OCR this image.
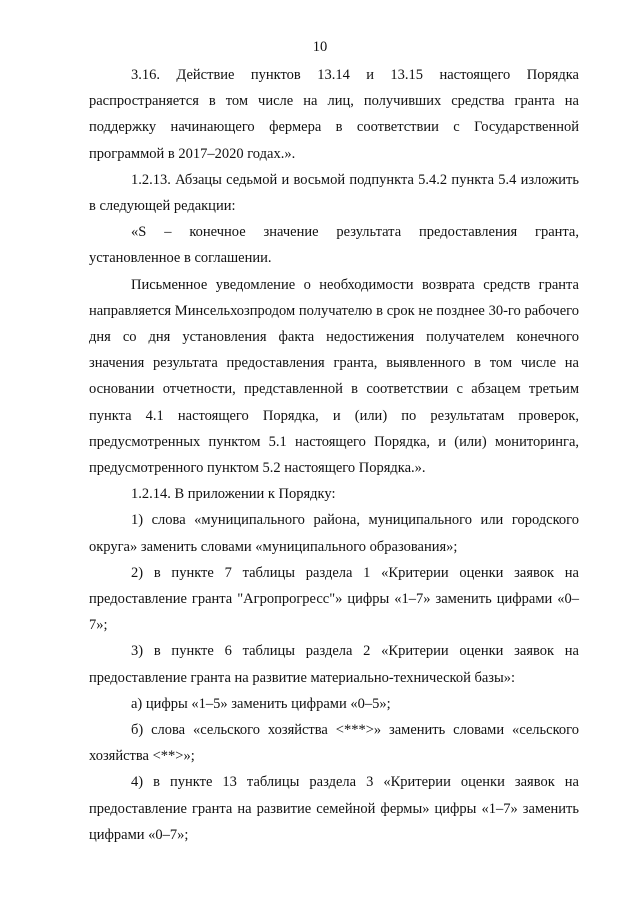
10

3.16. Действие пунктов 13.14 и 13.15 настоящего Порядка распространяется в том числе на лиц, получивших средства гранта на поддержку начинающего фермера в соответствии с Государственной программой в 2017–2020 годах.».

1.2.13. Абзацы седьмой и восьмой подпункта 5.4.2 пункта 5.4 изложить в следующей редакции:

«S – конечное значение результата предоставления гранта, установленное в соглашении.

Письменное уведомление о необходимости возврата средств гранта направляется Минсельхозпродом получателю в срок не позднее 30-го рабочего дня со дня установления факта недостижения получателем конечного значения результата предоставления гранта, выявленного в том числе на основании отчетности, представленной в соответствии с абзацем третьим пункта 4.1 настоящего Порядка, и (или) по результатам проверок, предусмотренных пунктом 5.1 настоящего Порядка, и (или) мониторинга, предусмотренного пунктом 5.2 настоящего Порядка.».

1.2.14. В приложении к Порядку:

1) слова «муниципального района, муниципального или городского округа» заменить словами «муниципального образования»;

2) в пункте 7 таблицы раздела 1 «Критерии оценки заявок на предоставление гранта "Агропрогресс"» цифры «1–7» заменить цифрами «0–7»;

3) в пункте 6 таблицы раздела 2 «Критерии оценки заявок на предоставление гранта на развитие материально-технической базы»:

а) цифры «1–5» заменить цифрами «0–5»;

б) слова «сельского хозяйства <***>» заменить словами «сельского хозяйства <**>»;

4) в пункте 13 таблицы раздела 3 «Критерии оценки заявок на предоставление гранта на развитие семейной фермы» цифры «1–7» заменить цифрами «0–7»;
